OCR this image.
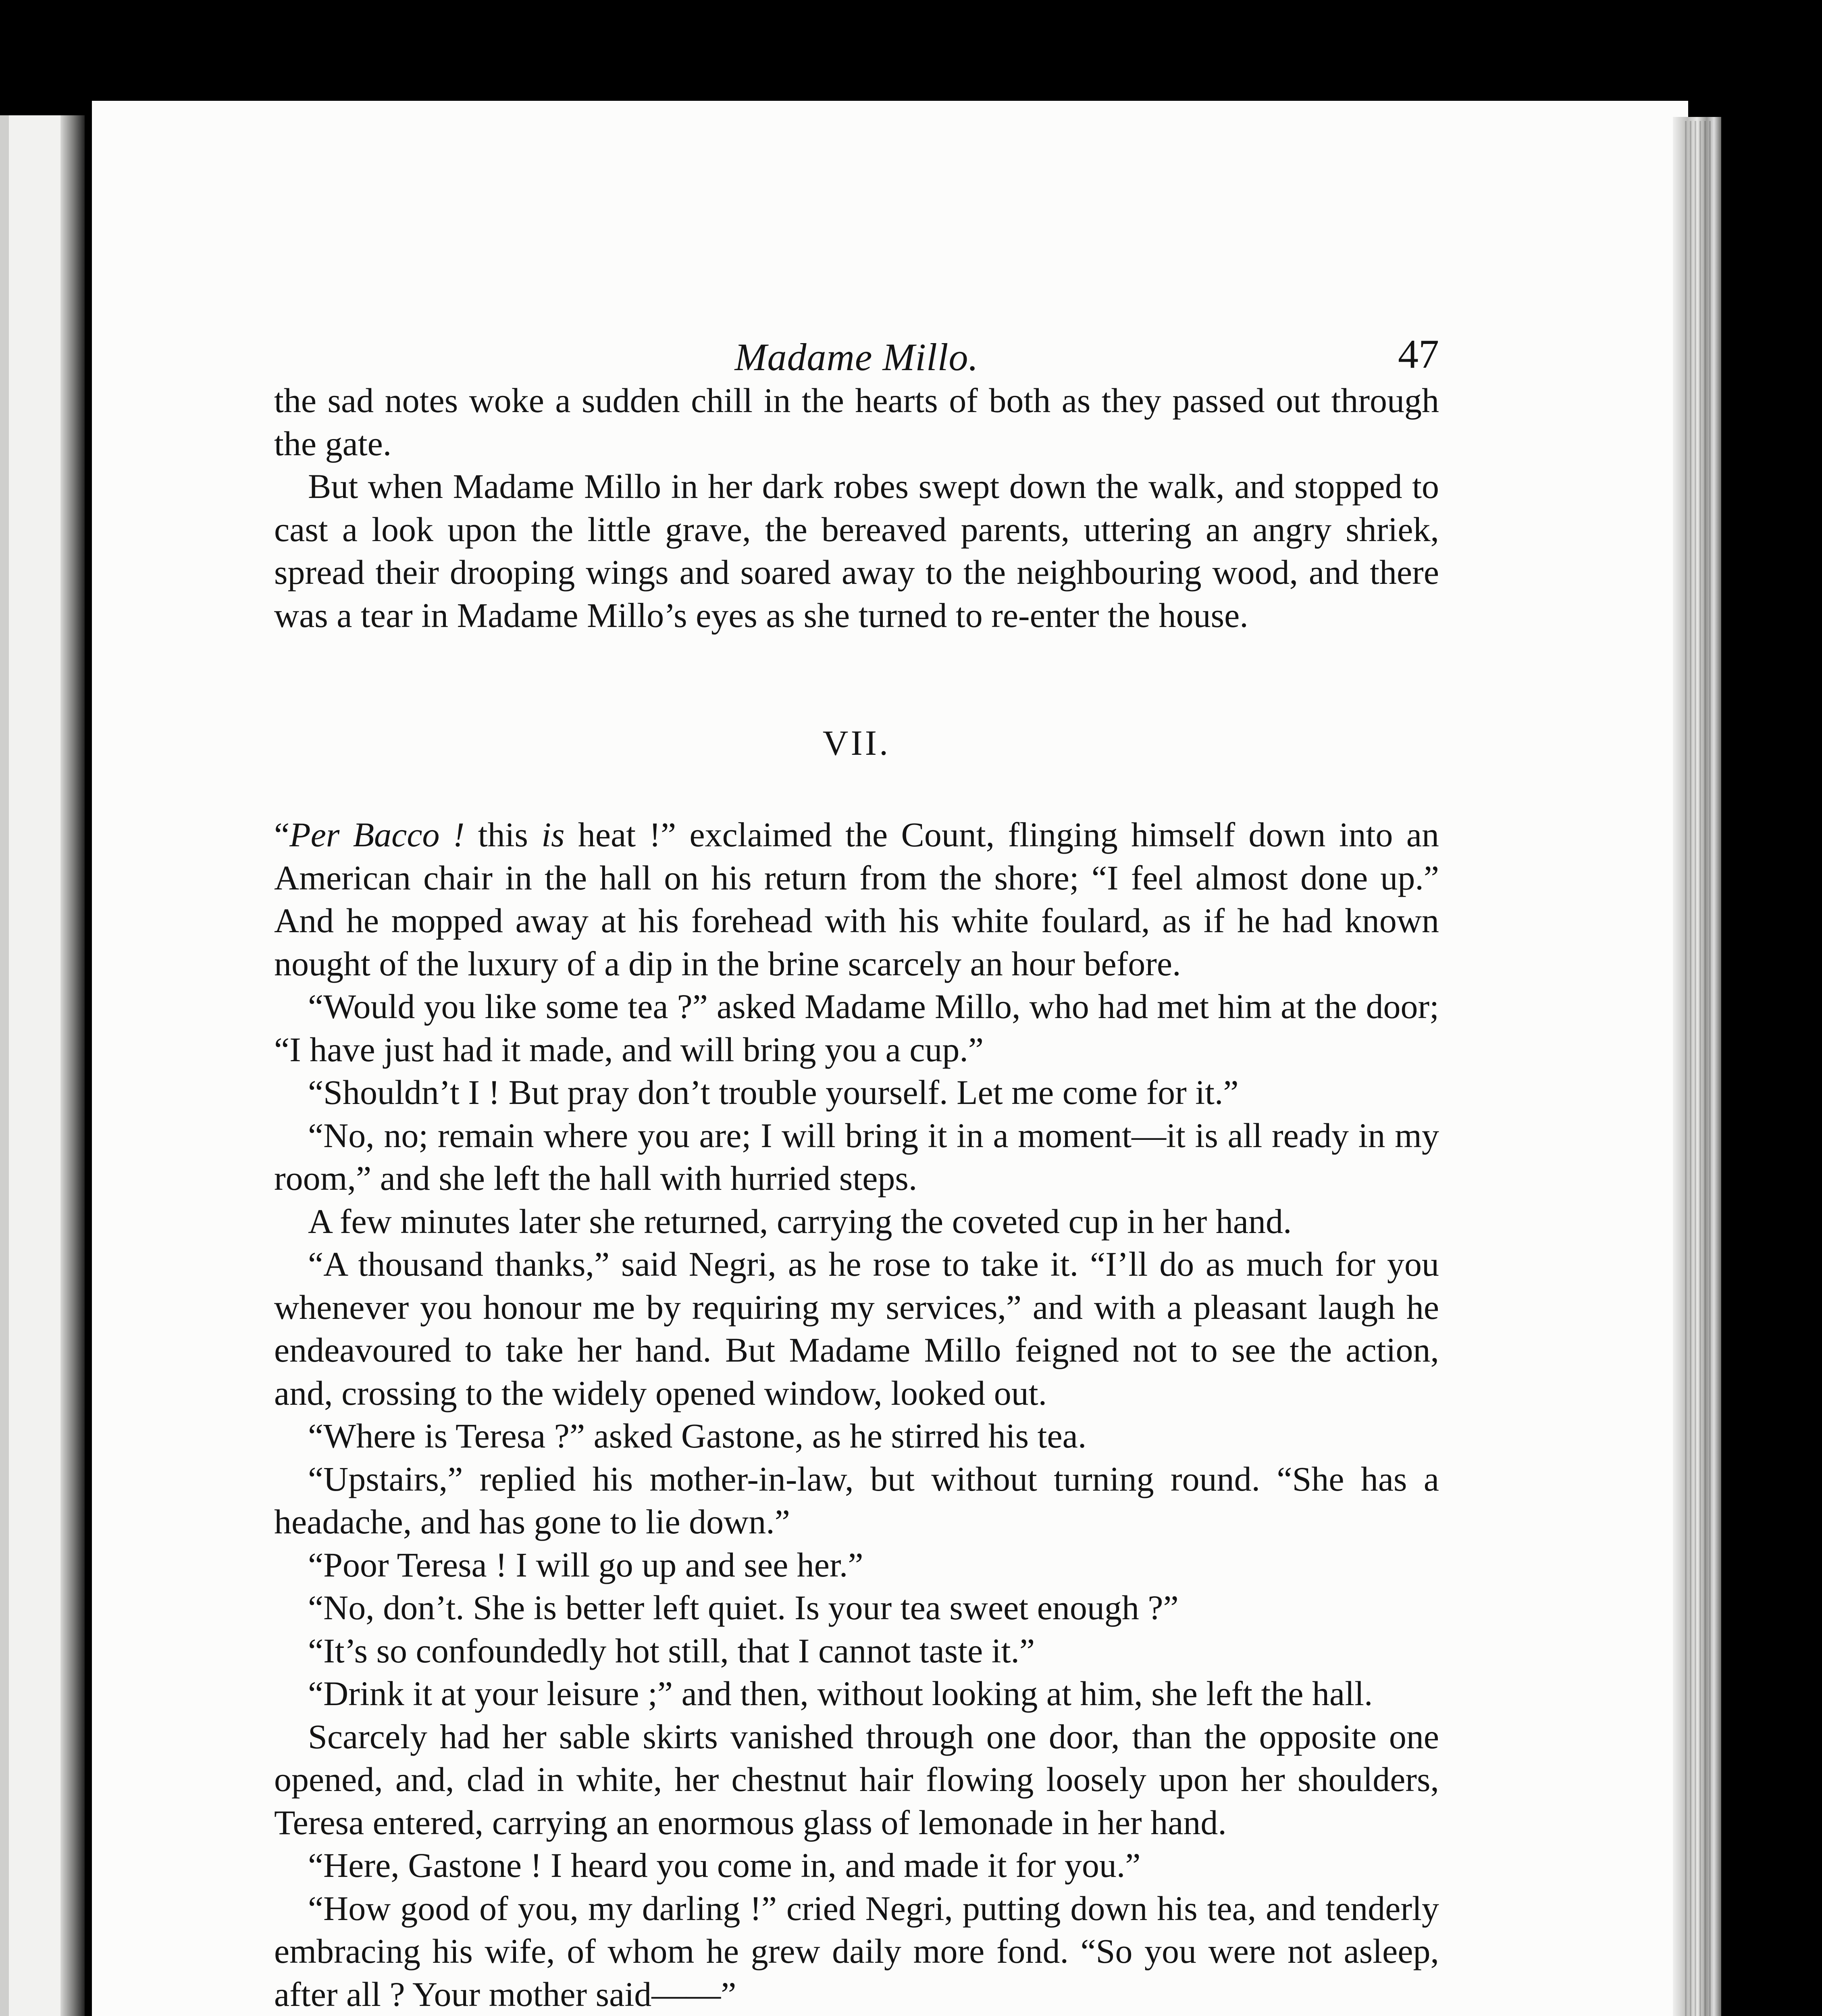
Madame Millo.	47

the sad notes woke a sudden chill in the hearts of both as they passed out through the gate.

But when Madame Millo in her dark robes swept down the walk, and stopped to cast a look upon the little grave, the bereaved parents, uttering an angry shriek, spread their drooping wings and soared away to the neighbouring wood, and there was a tear in Madame Millo’s eyes as she turned to re-enter the house.

VII.

“Per Bacco ! this is heat !” exclaimed the Count, flinging himself down into an American chair in the hall on his return from the shore; “I feel almost done up.” And he mopped away at his forehead with his white foulard, as if he had known nought of the luxury of a dip in the brine scarcely an hour before.

“Would you like some tea ?” asked Madame Millo, who had met him at the door; “I have just had it made, and will bring you a cup.”

“Shouldn’t I ! But pray don’t trouble yourself. Let me come for it.”

“No, no; remain where you are; I will bring it in a moment—it is all ready in my room,” and she left the hall with hurried steps.

A few minutes later she returned, carrying the coveted cup in her hand.

“A thousand thanks,” said Negri, as he rose to take it. “I’ll do as much for you whenever you honour me by requiring my services,” and with a pleasant laugh he endeavoured to take her hand. But Madame Millo feigned not to see the action, and, crossing to the widely opened window, looked out.

“Where is Teresa ?” asked Gastone, as he stirred his tea.

“Upstairs,” replied his mother-in-law, but without turning round. “She has a headache, and has gone to lie down.”

“Poor Teresa ! I will go up and see her.”

“No, don’t. She is better left quiet. Is your tea sweet enough ?”

“It’s so confoundedly hot still, that I cannot taste it.”

“Drink it at your leisure ;” and then, without looking at him, she left the hall.

Scarcely had her sable skirts vanished through one door, than the opposite one opened, and, clad in white, her chestnut hair flowing loosely upon her shoulders, Teresa entered, carrying an enormous glass of lemonade in her hand.

“Here, Gastone ! I heard you come in, and made it for you.”

“How good of you, my darling !” cried Negri, putting down his tea, and tenderly embracing his wife, of whom he grew daily more fond. “So you were not asleep, after all ? Your mother said——”
